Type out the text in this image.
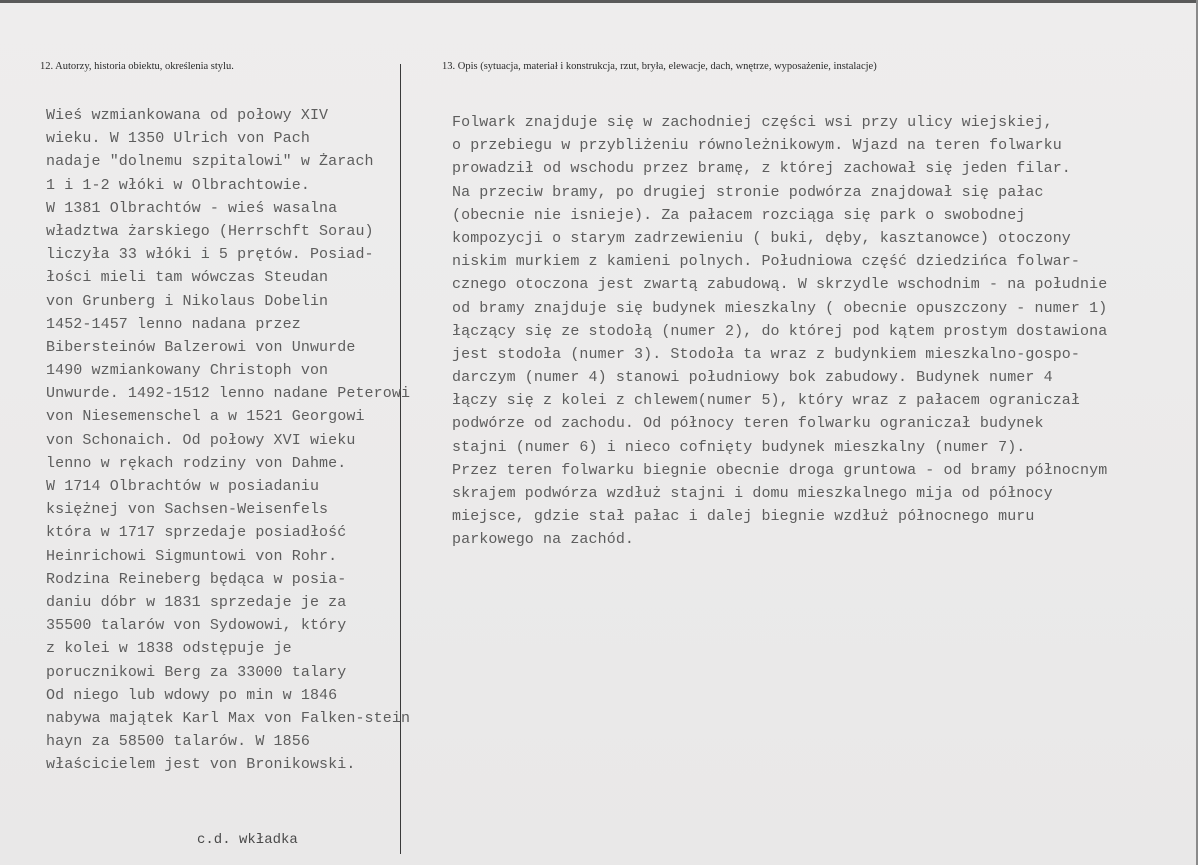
12. Autorzy, historia obiektu, określenia stylu.	13. Opis (sytuacja, materiał i konstrukcja, rzut, bryła, elewacje, dach, wnętrze, wyposażenie, instalacje)
Wieś wzmiankowana od połowy XIV
wieku. W 1350 Ulrich von Pach
nadaje "dolnemu szpitalowi" w Żarach
1 i 1-2 włóki w Olbrachtowie.
W 1381 Olbrachtów - wieś wasalna
władztwa żarskiego (Herrschft Sorau)
liczyła 33 włóki i 5 prętów. Posiad-
łości mieli tam wówczas Steudan
von Grunberg i Nikolaus Dobelin
1452-1457 lenno nadana przez
Bibersteinów Balzerowi von Unwurde
1490 wzmiankowany Christoph von
Unwurde. 1492-1512 lenno nadane Peterowi
von Niesemenschel a w 1521 Georgowi
von Schonaich. Od połowy XVI wieku
lenno w rękach rodziny von Dahme.
W 1714 Olbrachtów w posiadaniu
księżnej von Sachsen-Weisenfels
która w 1717 sprzedaje posiadłość
Heinrichowi Sigmuntowi von Rohr.
Rodzina Reineberg będąca w posia-
daniu dóbr w 1831 sprzedaje je za
35500 talarów von Sydowowi, który
z kolei w 1838 odstępuje je
porucznikowi Berg za 33000 talary
Od niego lub wdowy po min w 1846
nabywa majątek Karl Max von Falken-stein
hayn za 58500 talarów. W 1856
właścicielem jest von Bronikowski.
c.d. wkładka
Folwark znajduje się w zachodniej części wsi przy ulicy wiejskiej,
o przebiegu w przybliżeniu równoleżnikowym. Wjazd na teren folwarku
prowadził od wschodu przez bramę, z której zachował się jeden filar.
Na przeciw bramy, po drugiej stronie podwórza znajdował się pałac
(obecnie nie isnieje). Za pałacem rozciąga się park o swobodnej
kompozycji o starym zadrzewieniu ( buki, dęby, kasztanowce) otoczony
niskim murkiem z kamieni polnych. Południowa część dziedzińca folwar-
cznego otoczona jest zwartą zabudową. W skrzydle wschodnim - na południe
od bramy znajduje się budynek mieszkalny ( obecnie opuszczony - numer 1)
łączący się ze stodołą (numer 2), do której pod kątem prostym dostawiona
jest stodoła (numer 3). Stodoła ta wraz z budynkiem mieszkalno-gospo-
darczym (numer 4) stanowi południowy bok zabudowy. Budynek numer 4
łączy się z kolei z chlewem(numer 5), który wraz z pałacem ograniczał
podwórze od zachodu. Od północy teren folwarku ograniczał budynek
stajni (numer 6) i nieco cofnięty budynek mieszkalny (numer 7).
Przez teren folwarku biegnie obecnie droga gruntowa - od bramy północnym
skrajem podwórza wzdłuż stajni i domu mieszkalnego mija od północy
miejsce, gdzie stał pałac i dalej biegnie wzdłuż północnego muru
parkowego na zachód.
